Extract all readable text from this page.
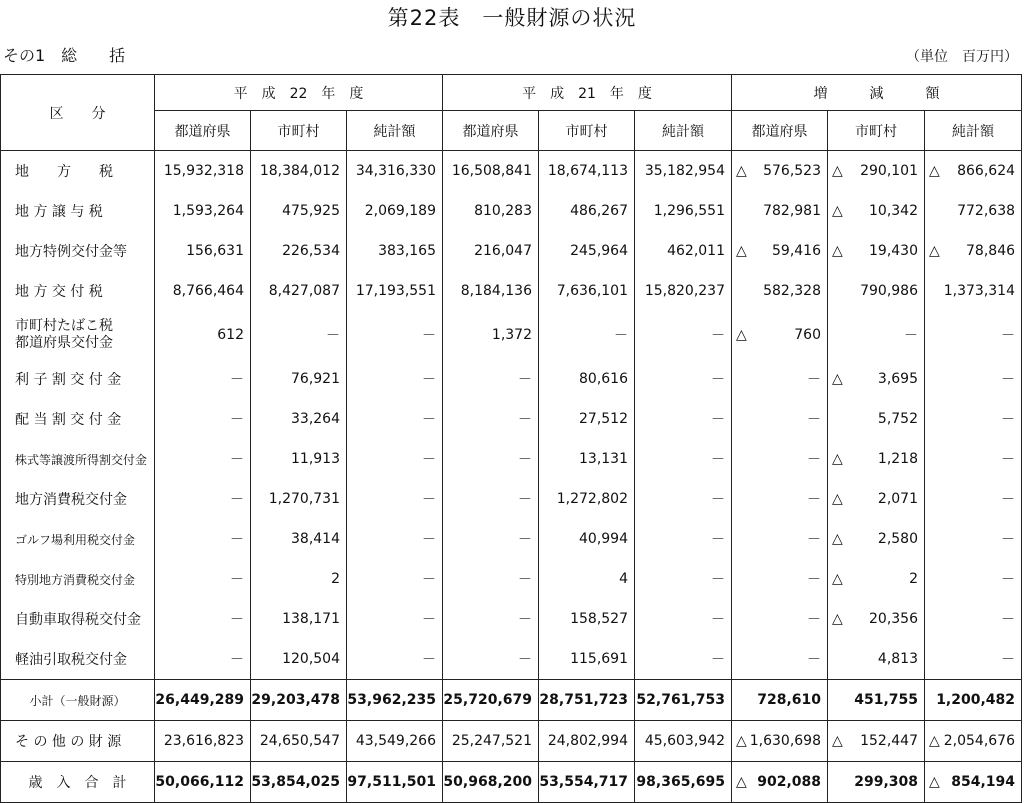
第22表　一般財源の状況
その1　総　　括	（単位　百万円）
区　　分	平　成　22　年　度			平　成　21　年　度			増　　　減　　　額		
	都道府県	市町村	純計額	都道府県	市町村	純計額	都道府県	市町村	純計額
地　　方　　税	15,932,318	18,384,012	34,316,330	16,508,841	18,674,113	35,182,954	△ 576,523	△ 290,101	△ 866,624
地 方 譲 与 税	1,593,264	475,925	2,069,189	810,283	486,267	1,296,551	782,981	△ 10,342	772,638
地方特例交付金等	156,631	226,534	383,165	216,047	245,964	462,011	△ 59,416	△ 19,430	△ 78,846
地 方 交 付 税	8,766,464	8,427,087	17,193,551	8,184,136	7,636,101	15,820,237	582,328	790,986	1,373,314
市町村たばこ税
都道府県交付金	612	－	－	1,372	－	－	△ 760	－	－
利 子 割 交 付 金	－	76,921	－	－	80,616	－	－	△ 3,695	－
配 当 割 交 付 金	－	33,264	－	－	27,512	－	－	5,752	－
株式等譲渡所得割交付金	－	11,913	－	－	13,131	－	－	△ 1,218	－
地方消費税交付金	－	1,270,731	－	－	1,272,802	－	－	△ 2,071	－
ゴルフ場利用税交付金	－	38,414	－	－	40,994	－	－	△ 2,580	－
特別地方消費税交付金	－	2	－	－	4	－	－	△ 2	－
自動車取得税交付金	－	138,171	－	－	158,527	－	－	△ 20,356	－
軽油引取税交付金	－	120,504	－	－	115,691	－	－	4,813	－
小計（一般財源）	26,449,289	29,203,478	53,962,235	25,720,679	28,751,723	52,761,753	728,610	451,755	1,200,482
そ の 他 の 財 源	23,616,823	24,650,547	43,549,266	25,247,521	24,802,994	45,603,942	△ 1,630,698	△ 152,447	△ 2,054,676
歳　入　合　計	50,066,112	53,854,025	97,511,501	50,968,200	53,554,717	98,365,695	△ 902,088	299,308	△ 854,194
